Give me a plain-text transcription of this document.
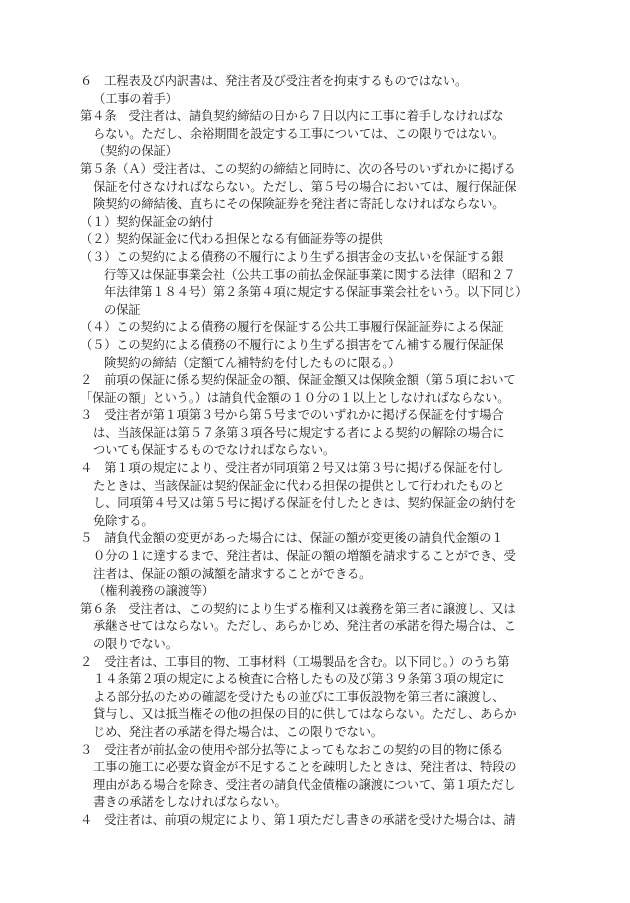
６　工程表及び内訳書は、発注者及び受注者を拘束するものではない。
（工事の着手）
第４条　受注者は、請負契約締結の日から７日以内に工事に着手しなければな
らない。ただし、余裕期間を設定する工事については、この限りではない。
（契約の保証）
第５条（Ａ）受注者は、この契約の締結と同時に、次の各号のいずれかに掲げる
保証を付さなければならない。ただし、第５号の場合においては、履行保証保
険契約の締結後、直ちにその保険証券を発注者に寄託しなければならない。
（１）契約保証金の納付
（２）契約保証金に代わる担保となる有価証券等の提供
（３）この契約による債務の不履行により生ずる損害金の支払いを保証する銀
行等又は保証事業会社（公共工事の前払金保証事業に関する法律（昭和２７
年法律第１８４号）第２条第４項に規定する保証事業会社をいう。以下同じ）
の保証
（４）この契約による債務の履行を保証する公共工事履行保証証券による保証
（５）この契約による債務の不履行により生ずる損害をてん補する履行保証保
険契約の締結（定額てん補特約を付したものに限る。）
２　前項の保証に係る契約保証金の額、保証金額又は保険金額（第５項において
「保証の額」という。）は請負代金額の１０分の１以上としなければならない。
３　受注者が第１項第３号から第５号までのいずれかに掲げる保証を付す場合
は、当該保証は第５７条第３項各号に規定する者による契約の解除の場合に
ついても保証するものでなければならない。
４　第１項の規定により、受注者が同項第２号又は第３号に掲げる保証を付し
たときは、当該保証は契約保証金に代わる担保の提供として行われたものと
し、同項第４号又は第５号に掲げる保証を付したときは、契約保証金の納付を
免除する。
５　請負代金額の変更があった場合には、保証の額が変更後の請負代金額の１
０分の１に達するまで、発注者は、保証の額の増額を請求することができ、受
注者は、保証の額の減額を請求することができる。
（権利義務の譲渡等）
第６条　受注者は、この契約により生ずる権利又は義務を第三者に譲渡し、又は
承継させてはならない。ただし、あらかじめ、発注者の承諾を得た場合は、こ
の限りでない。
２　受注者は、工事目的物、工事材料（工場製品を含む。以下同じ。）のうち第
１４条第２項の規定による検査に合格したもの及び第３９条第３項の規定に
よる部分払のための確認を受けたもの並びに工事仮設物を第三者に譲渡し、
貸与し、又は抵当権その他の担保の目的に供してはならない。ただし、あらか
じめ、発注者の承諾を得た場合は、この限りでない。
３　受注者が前払金の使用や部分払等によってもなおこの契約の目的物に係る
工事の施工に必要な資金が不足することを疎明したときは、発注者は、特段の
理由がある場合を除き、受注者の請負代金債権の譲渡について、第１項ただし
書きの承諾をしなければならない。
４　受注者は、前項の規定により、第１項ただし書きの承諾を受けた場合は、請
